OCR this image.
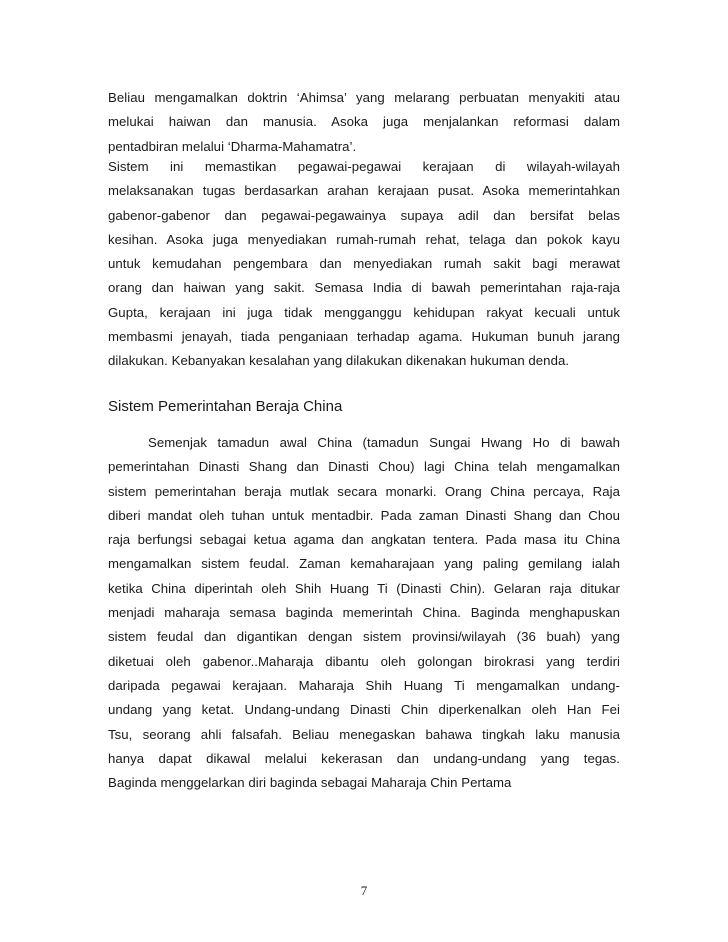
Beliau mengamalkan doktrin ‘Ahimsa’ yang melarang perbuatan menyakiti atau
melukai haiwan dan manusia. Asoka juga menjalankan reformasi dalam
pentadbiran melalui ‘Dharma-Mahamatra’.
Sistem ini memastikan pegawai-pegawai kerajaan di wilayah-wilayah
melaksanakan tugas berdasarkan arahan kerajaan pusat. Asoka memerintahkan
gabenor-gabenor dan pegawai-pegawainya supaya adil dan bersifat belas
kesihan. Asoka juga menyediakan rumah-rumah rehat, telaga dan pokok kayu
untuk kemudahan pengembara dan menyediakan rumah sakit bagi merawat
orang dan haiwan yang sakit. Semasa India di bawah pemerintahan raja-raja
Gupta, kerajaan ini juga tidak mengganggu kehidupan rakyat kecuali untuk
membasmi jenayah, tiada penganiaan terhadap agama. Hukuman bunuh jarang
dilakukan. Kebanyakan kesalahan yang dilakukan dikenakan hukuman denda.
Sistem Pemerintahan Beraja China
Semenjak tamadun awal China (tamadun Sungai Hwang Ho di bawah
pemerintahan Dinasti Shang dan Dinasti Chou) lagi China telah mengamalkan
sistem pemerintahan beraja mutlak secara monarki. Orang China percaya, Raja
diberi mandat oleh tuhan untuk mentadbir. Pada zaman Dinasti Shang dan Chou
raja berfungsi sebagai ketua agama dan angkatan tentera. Pada masa itu China
mengamalkan sistem feudal. Zaman kemaharajaan yang paling gemilang ialah
ketika China diperintah oleh Shih Huang Ti (Dinasti Chin). Gelaran raja ditukar
menjadi maharaja semasa baginda memerintah China. Baginda menghapuskan
sistem feudal dan digantikan dengan sistem provinsi/wilayah (36 buah) yang
diketuai oleh gabenor..Maharaja dibantu oleh golongan birokrasi yang terdiri
daripada pegawai kerajaan. Maharaja Shih Huang Ti mengamalkan undang-
undang yang ketat. Undang-undang Dinasti Chin diperkenalkan oleh Han Fei
Tsu, seorang ahli falsafah. Beliau menegaskan bahawa tingkah laku manusia
hanya dapat dikawal melalui kekerasan dan undang-undang yang tegas.
Baginda menggelarkan diri baginda sebagai Maharaja Chin Pertama
7
